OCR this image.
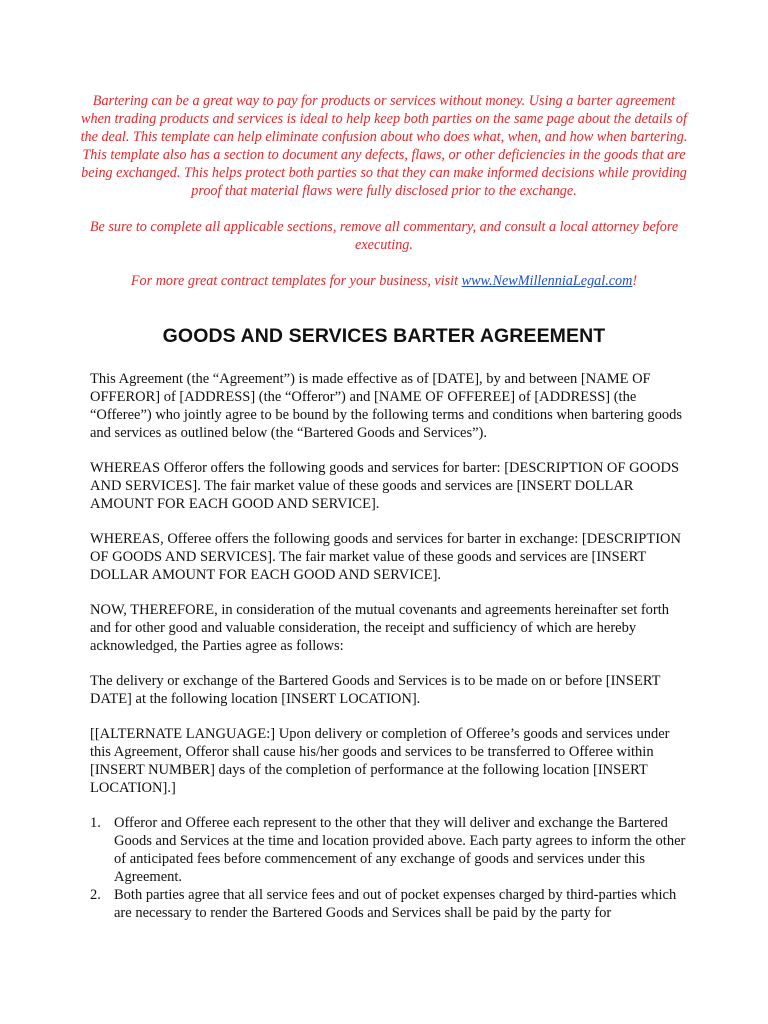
Bartering can be a great way to pay for products or services without money. Using a barter agreement when trading products and services is ideal to help keep both parties on the same page about the details of the deal. This template can help eliminate confusion about who does what, when, and how when bartering. This template also has a section to document any defects, flaws, or other deficiencies in the goods that are being exchanged. This helps protect both parties so that they can make informed decisions while providing proof that material flaws were fully disclosed prior to the exchange.

Be sure to complete all applicable sections, remove all commentary, and consult a local attorney before executing.

For more great contract templates for your business, visit www.NewMillenniaLegal.com!

GOODS AND SERVICES BARTER AGREEMENT

This Agreement (the “Agreement”) is made effective as of [DATE], by and between [NAME OF OFFEROR] of [ADDRESS] (the “Offeror”) and [NAME OF OFFEREE] of [ADDRESS] (the “Offeree”) who jointly agree to be bound by the following terms and conditions when bartering goods and services as outlined below (the “Bartered Goods and Services”).

WHEREAS Offeror offers the following goods and services for barter: [DESCRIPTION OF GOODS AND SERVICES]. The fair market value of these goods and services are [INSERT DOLLAR AMOUNT FOR EACH GOOD AND SERVICE].

WHEREAS, Offeree offers the following goods and services for barter in exchange: [DESCRIPTION OF GOODS AND SERVICES]. The fair market value of these goods and services are [INSERT DOLLAR AMOUNT FOR EACH GOOD AND SERVICE].

NOW, THEREFORE, in consideration of the mutual covenants and agreements hereinafter set forth and for other good and valuable consideration, the receipt and sufficiency of which are hereby acknowledged, the Parties agree as follows:

The delivery or exchange of the Bartered Goods and Services is to be made on or before [INSERT DATE] at the following location [INSERT LOCATION].

[[ALTERNATE LANGUAGE:] Upon delivery or completion of Offeree’s goods and services under this Agreement, Offeror shall cause his/her goods and services to be transferred to Offeree within [INSERT NUMBER] days of the completion of performance at the following location [INSERT LOCATION].]

1. Offeror and Offeree each represent to the other that they will deliver and exchange the Bartered Goods and Services at the time and location provided above. Each party agrees to inform the other of anticipated fees before commencement of any exchange of goods and services under this Agreement.
2. Both parties agree that all service fees and out of pocket expenses charged by third-parties which are necessary to render the Bartered Goods and Services shall be paid by the party for
